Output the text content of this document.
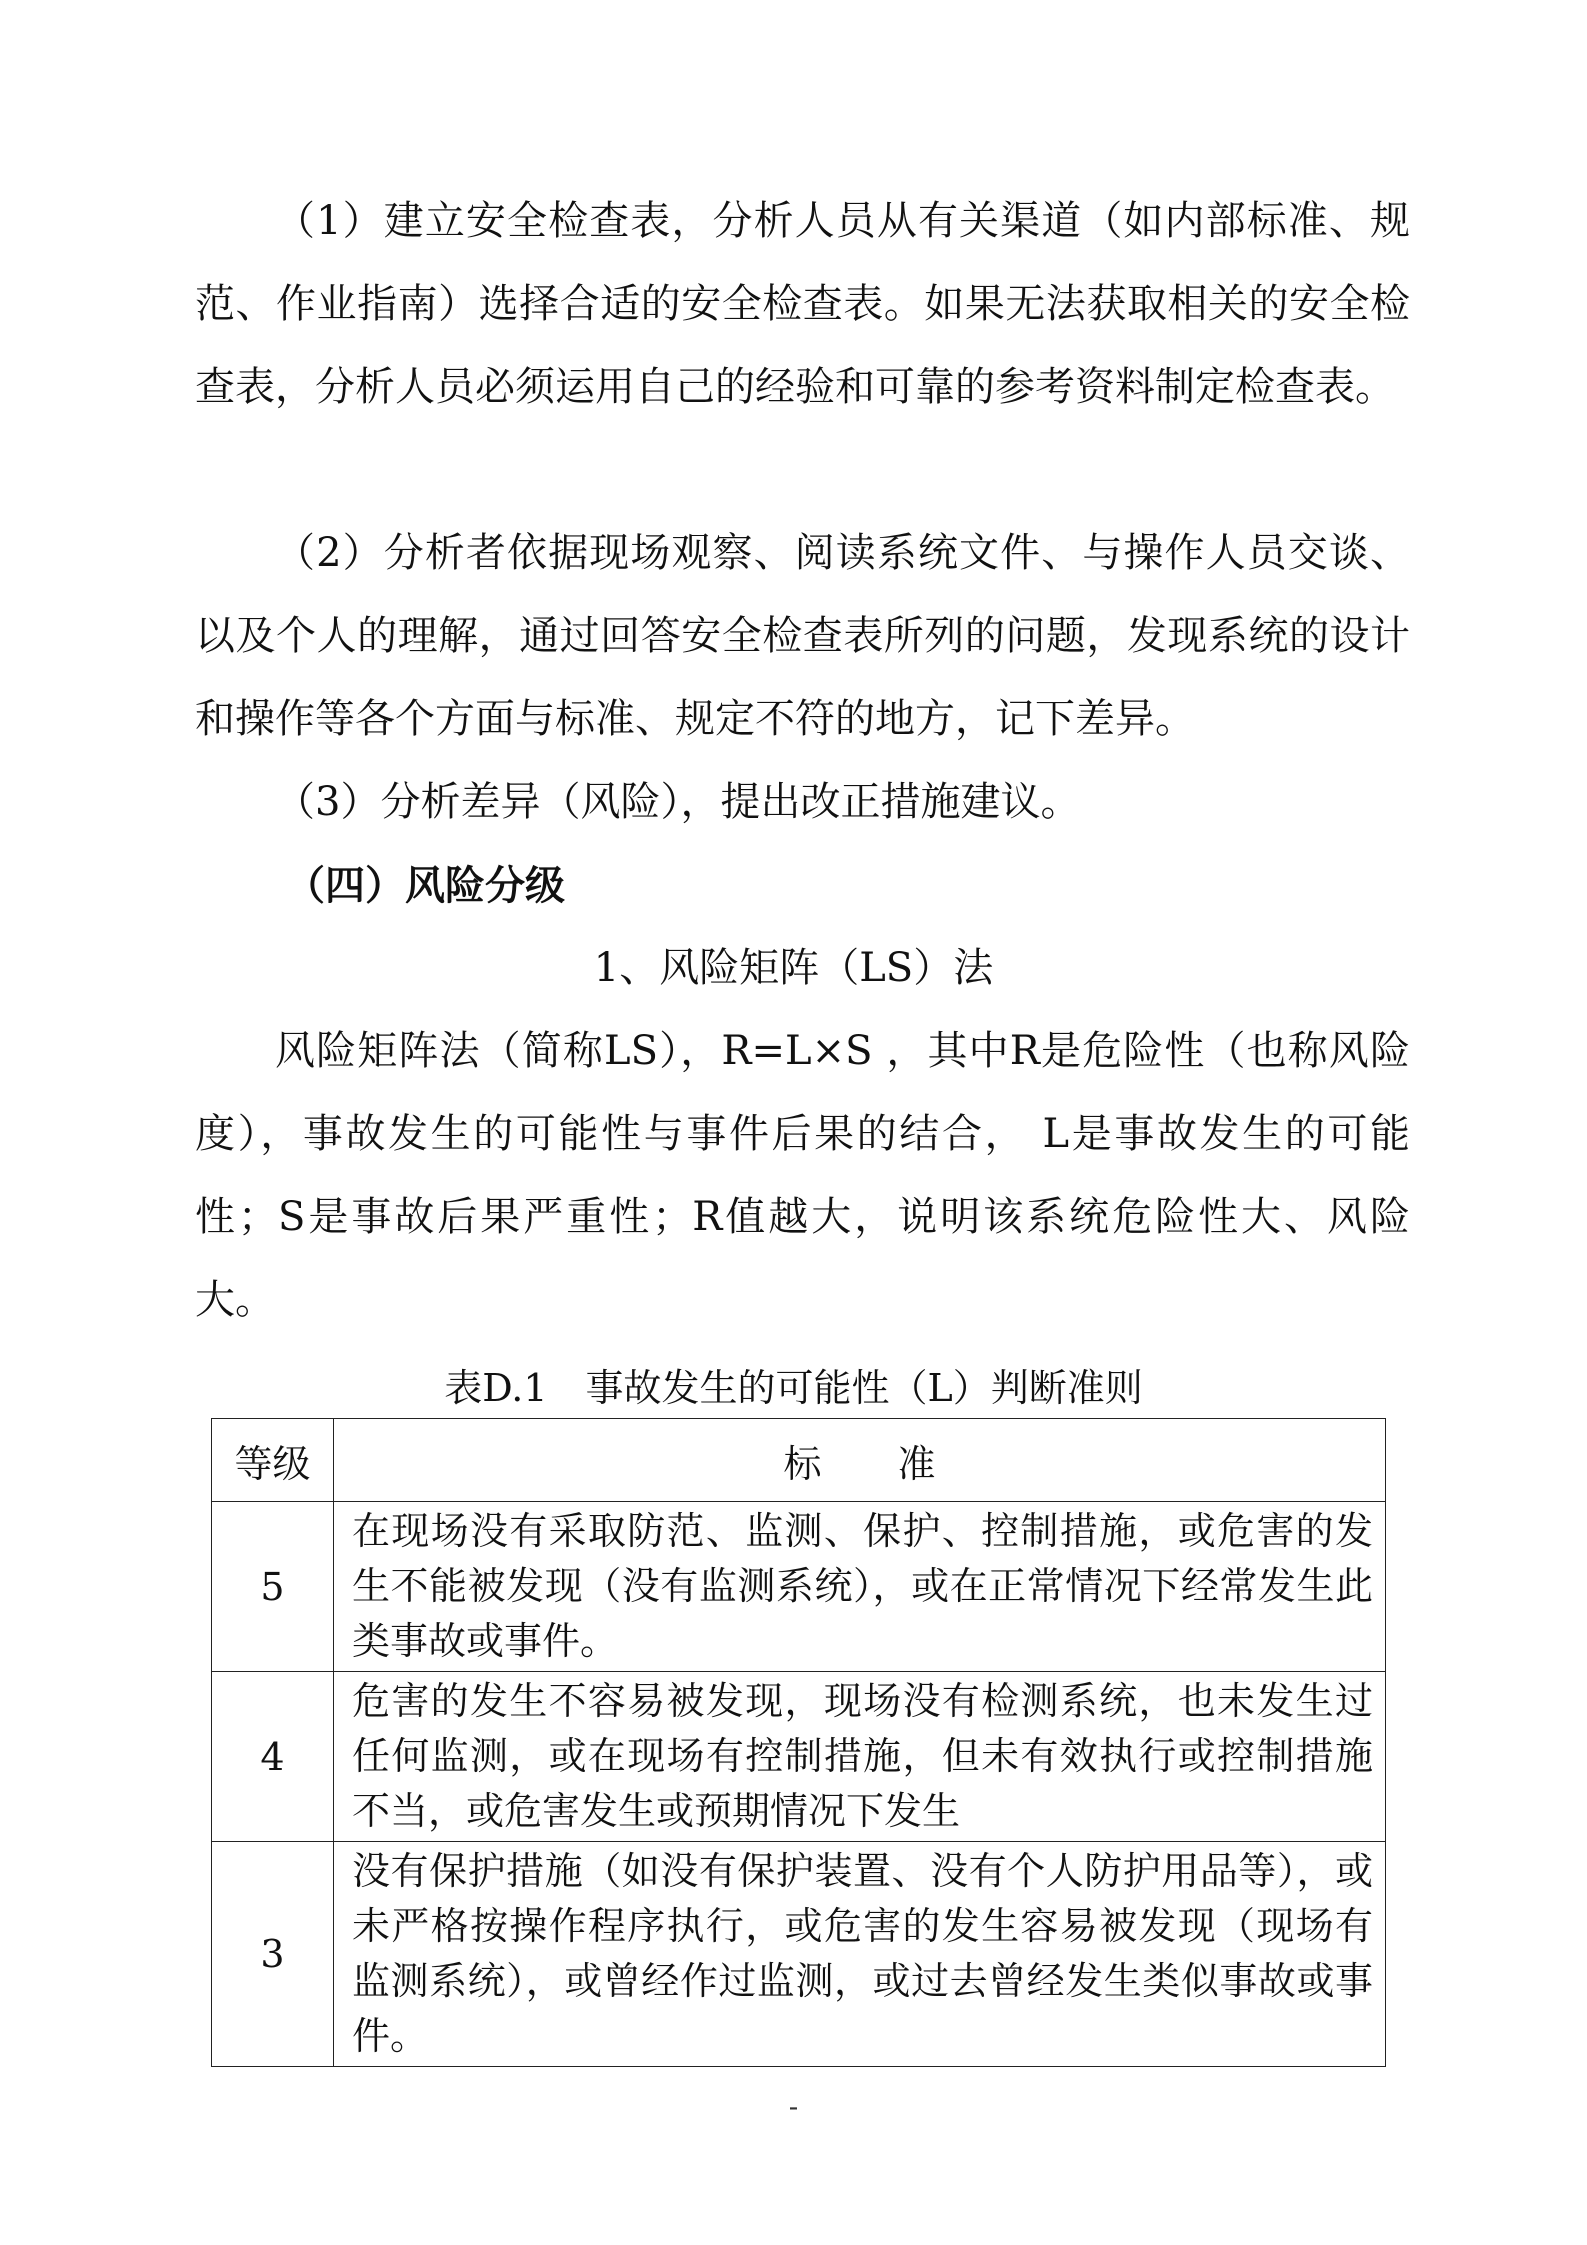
（1）建立安全检查表，分析人员从有关渠道（如内部标准、规范、作业指南）选择合适的安全检查表。如果无法获取相关的安全检查表，分析人员必须运用自己的经验和可靠的参考资料制定检查表。

（2）分析者依据现场观察、阅读系统文件、与操作人员交谈、以及个人的理解，通过回答安全检查表所列的问题，发现系统的设计和操作等各个方面与标准、规定不符的地方，记下差异。

（3）分析差异（风险），提出改正措施建议。

（四）风险分级

1、风险矩阵（LS）法

风险矩阵法（简称LS），R=L×S ，其中R是危险性（也称风险度），事故发生的可能性与事件后果的结合， L是事故发生的可能性；S是事故后果严重性；R值越大，说明该系统危险性大、风险大。

表D.1　事故发生的可能性（L）判断准则

等级	标　　准
5	在现场没有采取防范、监测、保护、控制措施，或危害的发生不能被发现（没有监测系统），或在正常情况下经常发生此类事故或事件。
4	危害的发生不容易被发现，现场没有检测系统，也未发生过任何监测，或在现场有控制措施，但未有效执行或控制措施不当，或危害发生或预期情况下发生
3	没有保护措施（如没有保护装置、没有个人防护用品等），或未严格按操作程序执行，或危害的发生容易被发现（现场有监测系统），或曾经作过监测，或过去曾经发生类似事故或事件。
-
